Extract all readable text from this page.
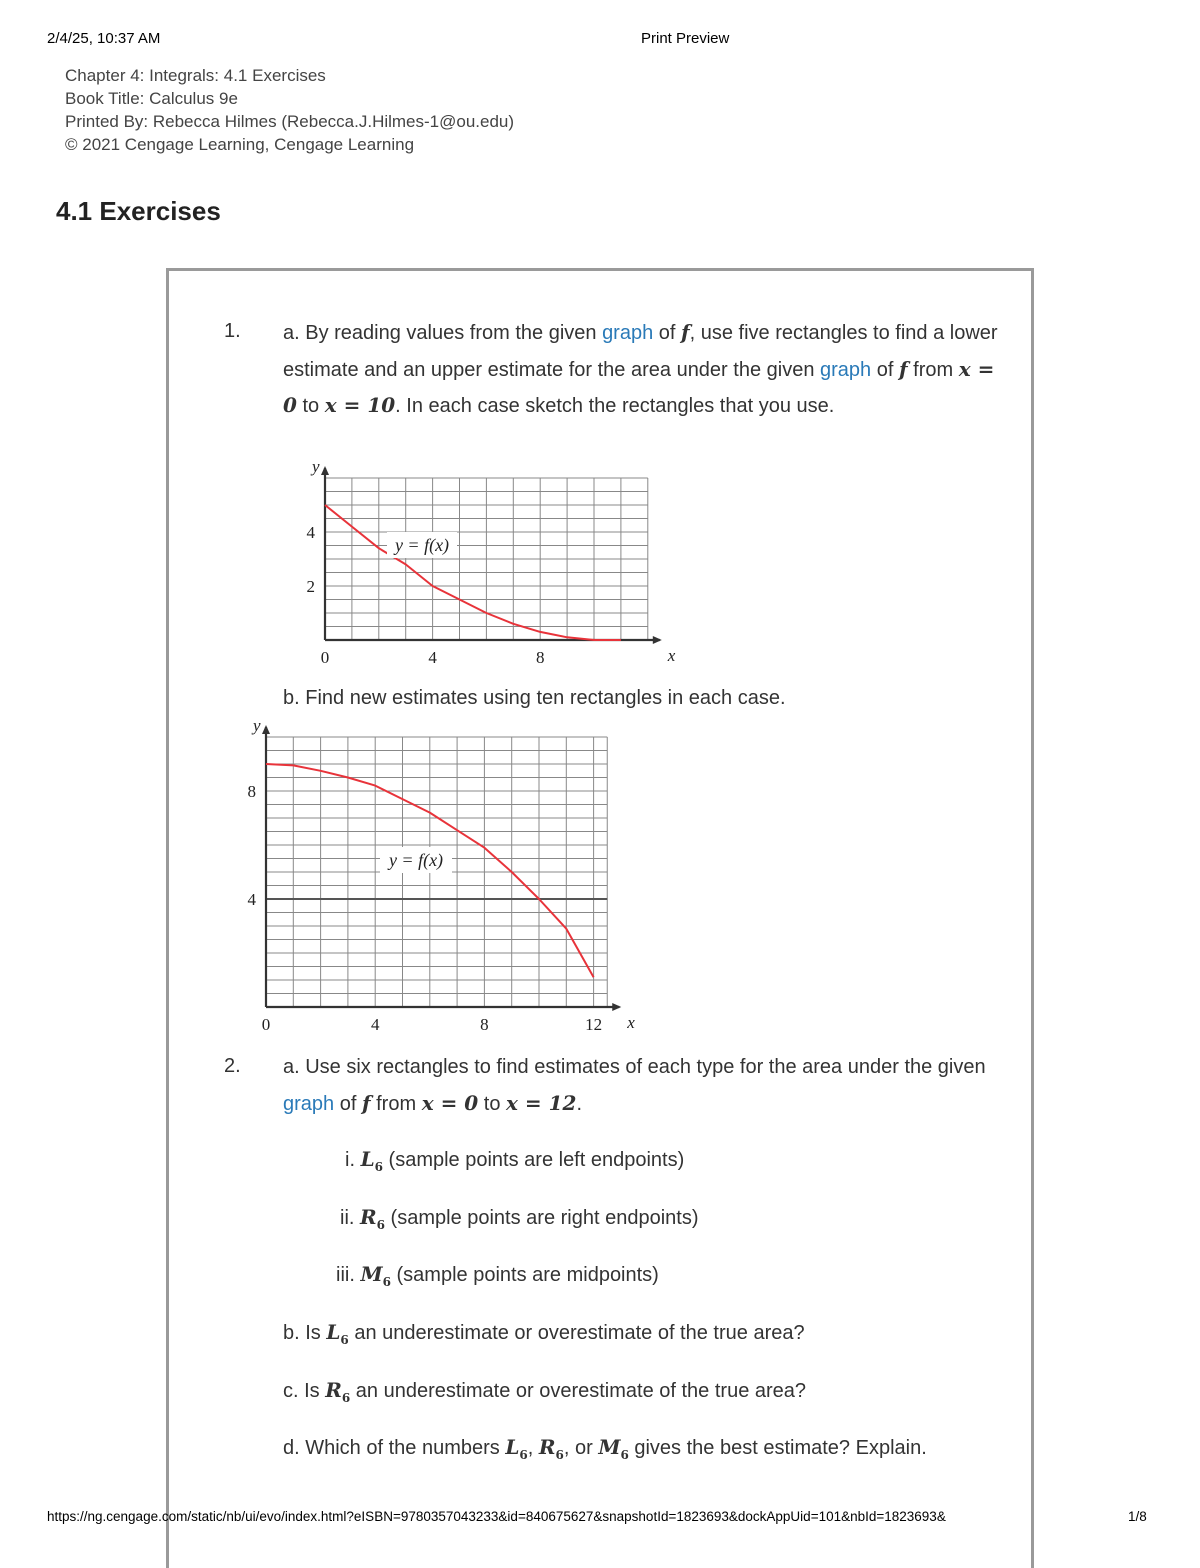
2/4/25, 10:37 AM	Print Preview
Chapter 4: Integrals: 4.1 Exercises
Book Title: Calculus 9e
Printed By: Rebecca Hilmes (Rebecca.J.Hilmes-1@ou.edu)
© 2021 Cengage Learning, Cengage Learning
4.1 Exercises
1. a. By reading values from the given graph of f, use five rectangles to find a lower estimate and an upper estimate for the area under the given graph of f from x = 0 to x = 10. In each case sketch the rectangles that you use.
0	4	8
2
4
x
y
y = f(x)
b. Find new estimates using ten rectangles in each case.
0	4	8	12
4
8
x
y
y = f(x)
2. a. Use six rectangles to find estimates of each type for the area under the given graph of f from x = 0 to x = 12.
i. $L_6$ (sample points are left endpoints)
ii. $R_6$ (sample points are right endpoints)
iii. $M_6$ (sample points are midpoints)
b. Is $L_6$ an underestimate or overestimate of the true area?
c. Is $R_6$ an underestimate or overestimate of the true area?
d. Which of the numbers $L_6$, $R_6$, or $M_6$ gives the best estimate? Explain.
https://ng.cengage.com/static/nb/ui/evo/index.html?eISBN=9780357043233&id=840675627&snapshotId=1823693&dockAppUid=101&nbId=1823693&	1/8
